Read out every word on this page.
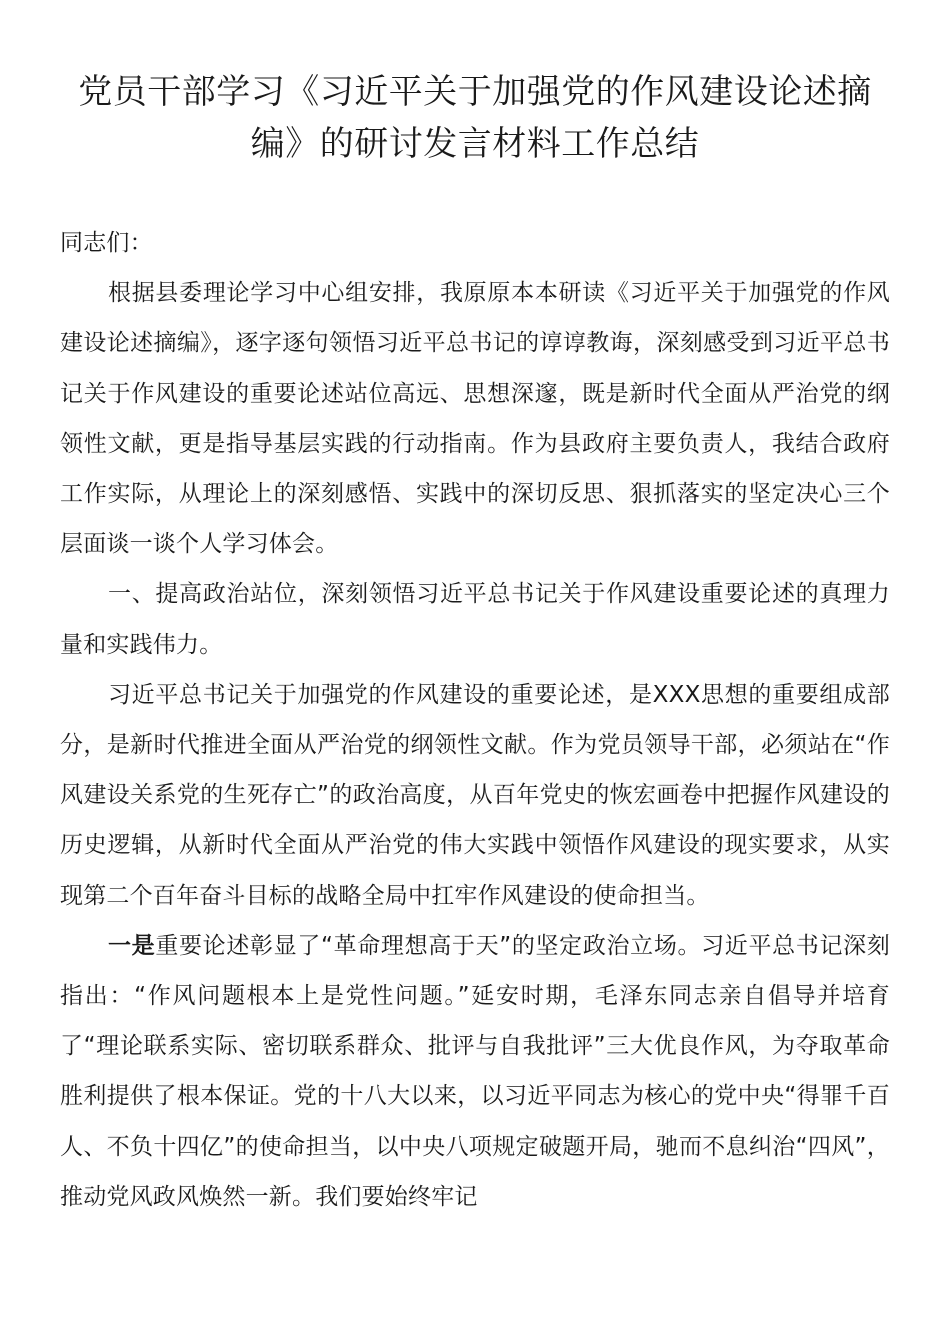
党员干部学习《习近平关于加强党的作风建设论述摘编》的研讨发言材料工作总结

同志们：

根据县委理论学习中心组安排，我原原本本研读《习近平关于加强党的作风建设论述摘编》，逐字逐句领悟习近平总书记的谆谆教诲，深刻感受到习近平总书记关于作风建设的重要论述站位高远、思想深邃，既是新时代全面从严治党的纲领性文献，更是指导基层实践的行动指南。作为县政府主要负责人，我结合政府工作实际，从理论上的深刻感悟、实践中的深切反思、狠抓落实的坚定决心三个层面谈一谈个人学习体会。

一、提高政治站位，深刻领悟习近平总书记关于作风建设重要论述的真理力量和实践伟力。

习近平总书记关于加强党的作风建设的重要论述，是XXX思想的重要组成部分，是新时代推进全面从严治党的纲领性文献。作为党员领导干部，必须站在“作风建设关系党的生死存亡”的政治高度，从百年党史的恢宏画卷中把握作风建设的历史逻辑，从新时代全面从严治党的伟大实践中领悟作风建设的现实要求，从实现第二个百年奋斗目标的战略全局中扛牢作风建设的使命担当。

一是重要论述彰显了“革命理想高于天”的坚定政治立场。习近平总书记深刻指出：“作风问题根本上是党性问题。”延安时期，毛泽东同志亲自倡导并培育了“理论联系实际、密切联系群众、批评与自我批评”三大优良作风，为夺取革命胜利提供了根本保证。党的十八大以来，以习近平同志为核心的党中央“得罪千百人、不负十四亿”的使命担当，以中央八项规定破题开局，驰而不息纠治“四风”，推动党风政风焕然一新。我们要始终牢记
